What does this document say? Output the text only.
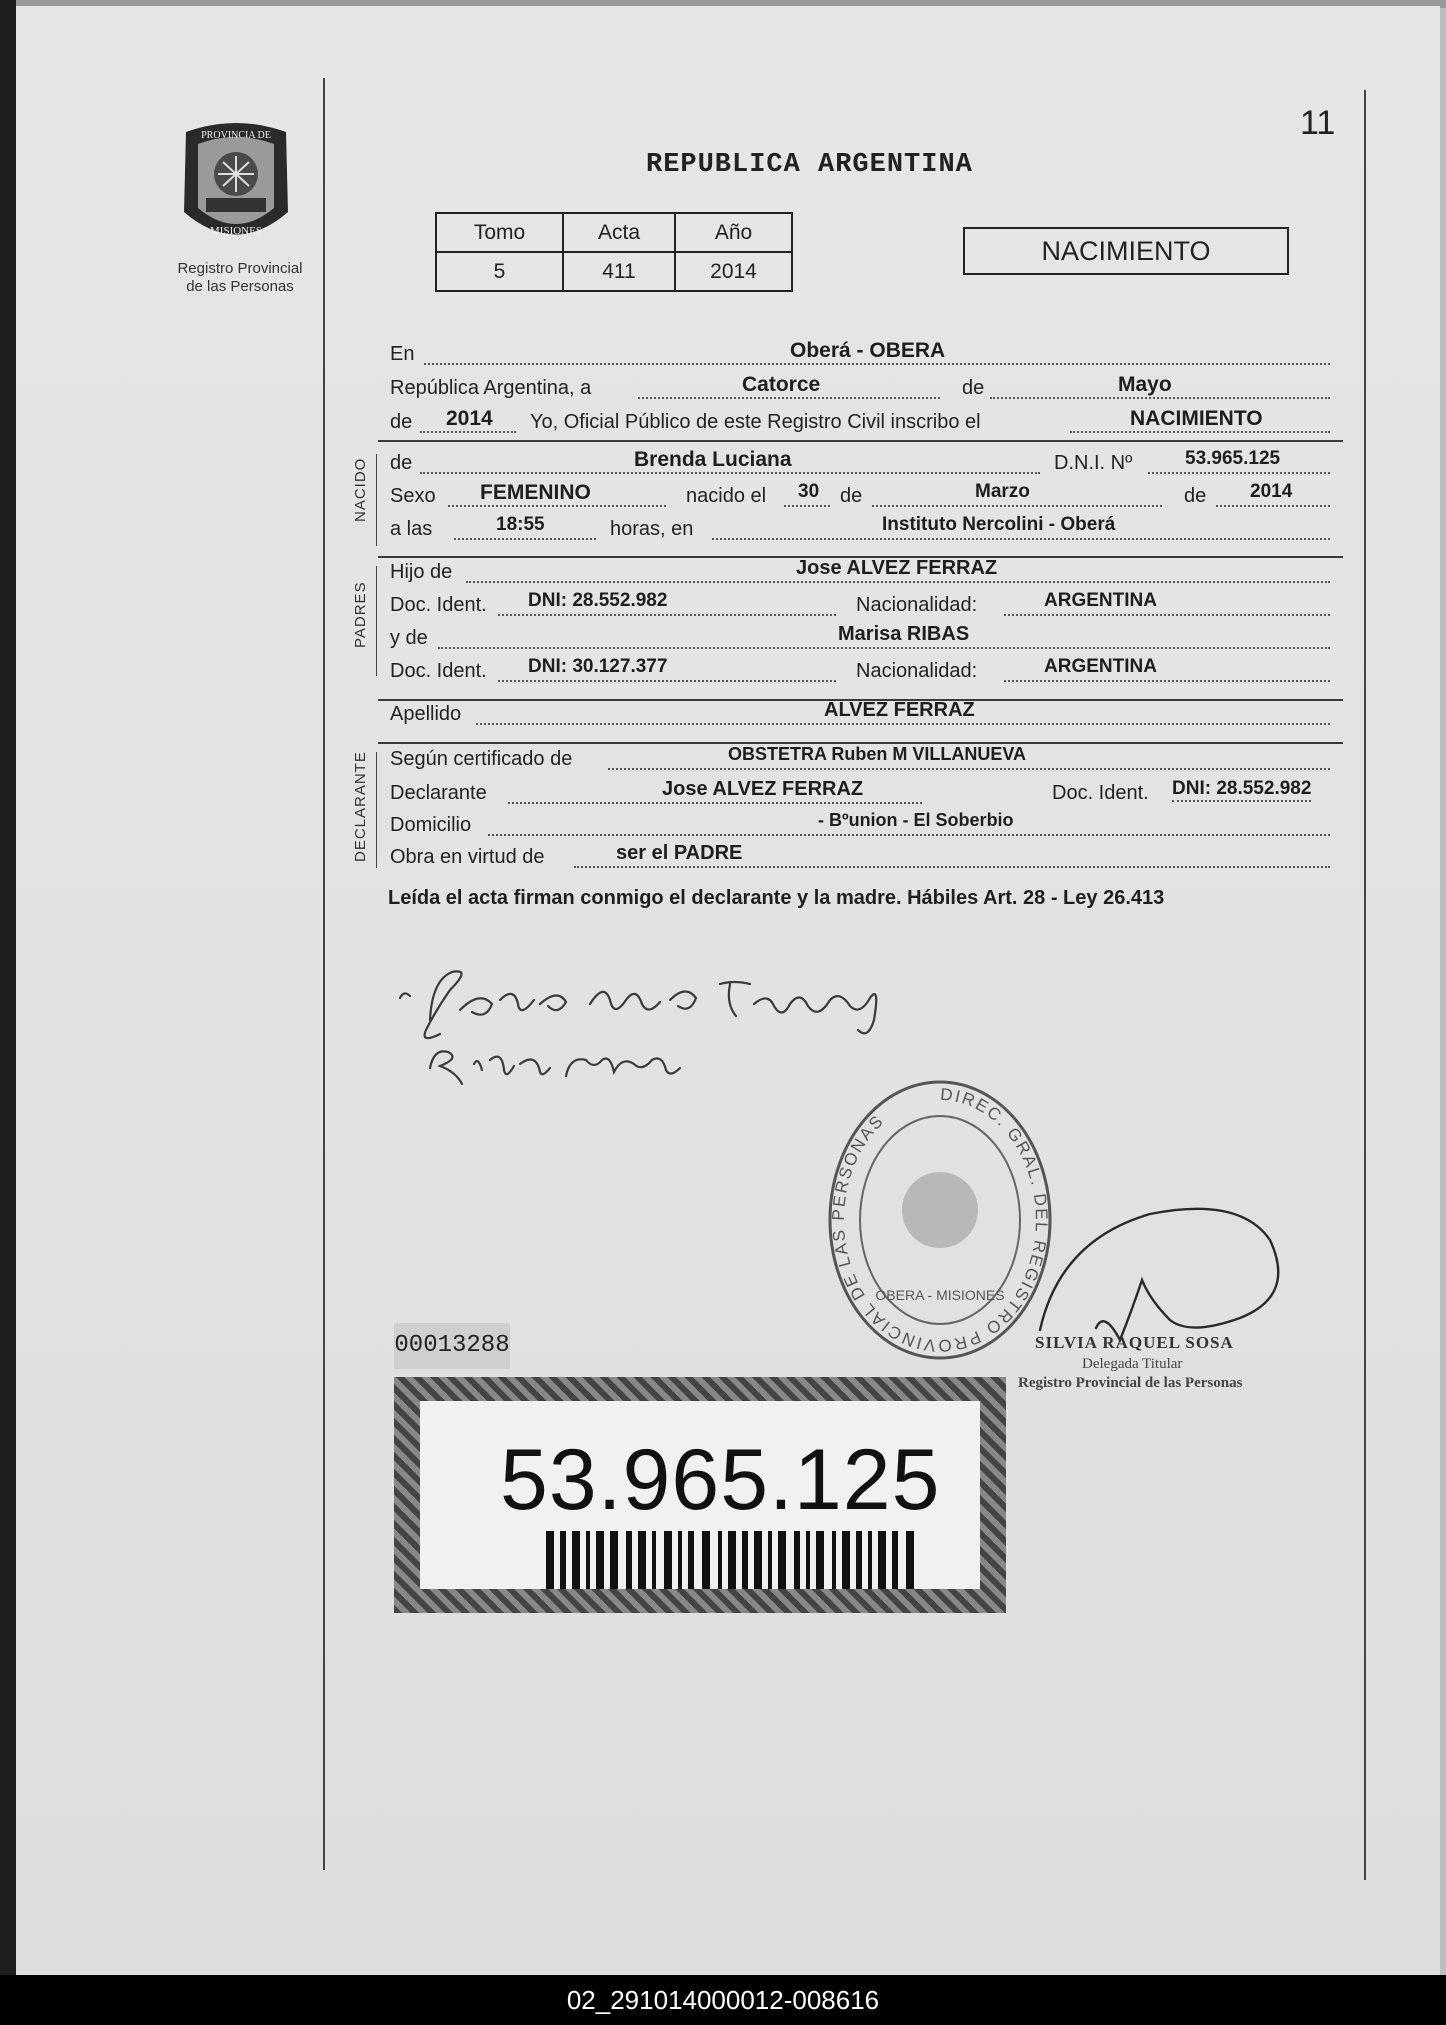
PROVINCIA DE
MISIONES
Registro Provincial
de las Personas
11
REPUBLICA ARGENTINA
Tomo	Acta	Año
5	411	2014
NACIMIENTO
En	Oberá - OBERA
República Argentina, a	Catorce	de	Mayo
de 2014 Yo, Oficial Público de este Registro Civil inscribo el	NACIMIENTO
NACIDO de	Brenda Luciana	D.N.I. Nº	53.965.125
Sexo FEMENINO	nacido el 30 de	Marzo	de 2014
a las	18:55	horas, en	Instituto Nercolini - Oberá
PADRES
Hijo de	Jose ALVEZ FERRAZ
Doc. Ident. DNI: 28.552.982	Nacionalidad:	ARGENTINA
y de	Marisa RIBAS
Doc. Ident. DNI: 30.127.377	Nacionalidad:	ARGENTINA
Apellido	ALVEZ FERRAZ
DECLARANTE Según certificado de	OBSTETRA Ruben M VILLANUEVA
Declarante	Jose ALVEZ FERRAZ	Doc. Ident. DNI: 28.552.982
Domicilio	- Bºunion - El Soberbio
Obra en virtud de	ser el PADRE
Leída el acta firman conmigo el declarante y la madre. Hábiles Art. 28 - Ley 26.413
DIREC. GRAL. DEL REGISTRO PROVINCIAL DE LAS PERSONAS
OBERA - MISIONES
SILVIA RAQUEL SOSA
Delegada Titular
Registro Provincial de las Personas
00013288
53.965.125
02_291014000012-008616
